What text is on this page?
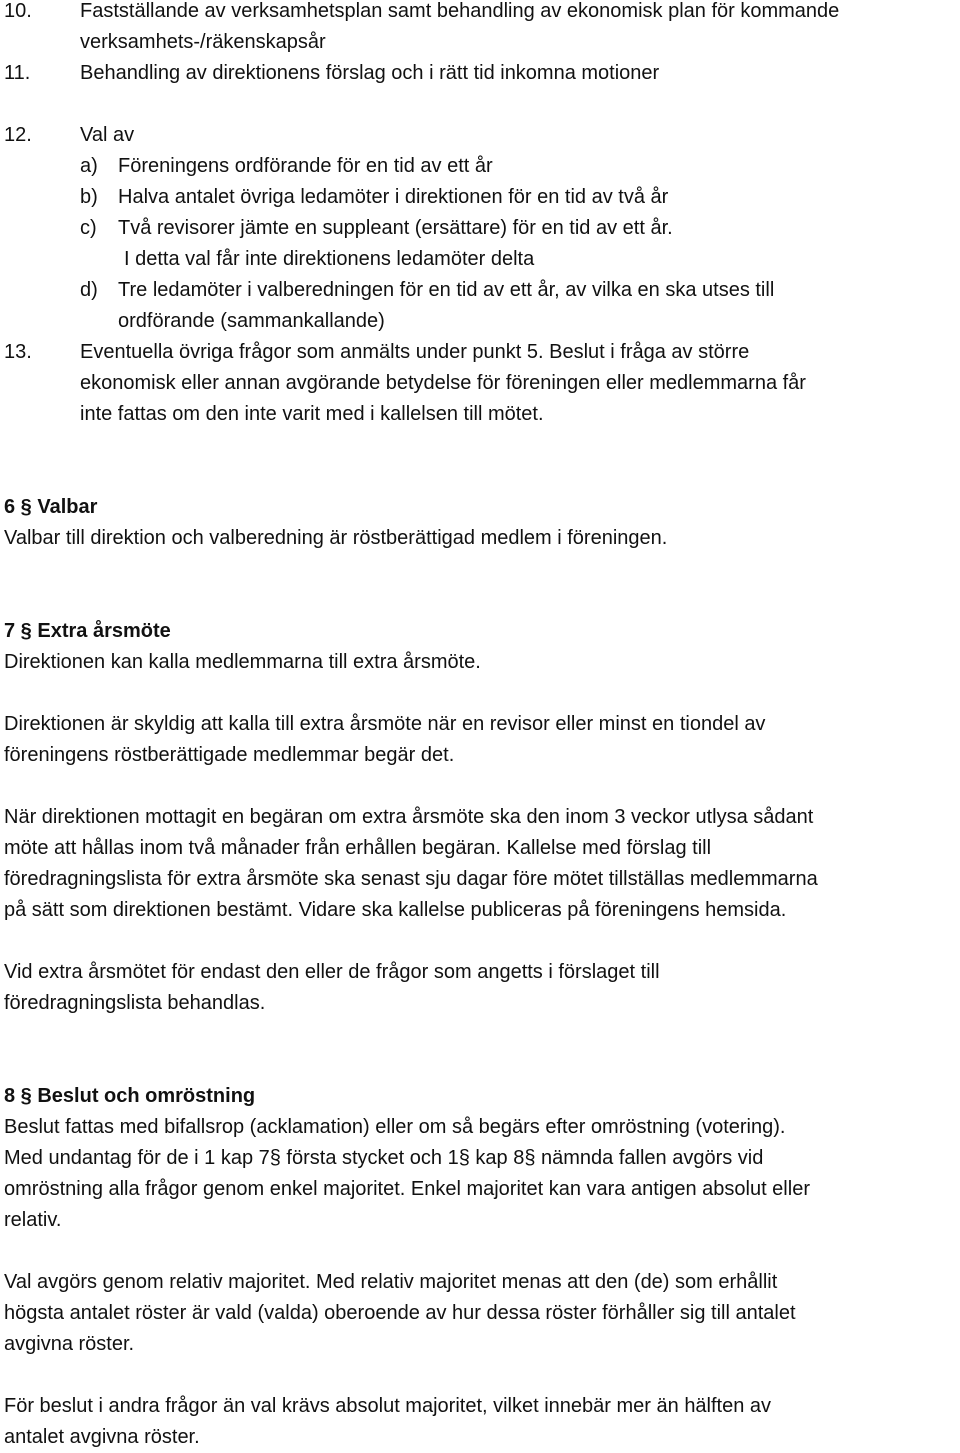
10. Fastställande av verksamhetsplan samt behandling av ekonomisk plan för kommande
verksamhets-/räkenskapsår
11. Behandling av direktionens förslag och i rätt tid inkomna motioner
12. Val av
a) Föreningens ordförande för en tid av ett år
b) Halva antalet övriga ledamöter i direktionen för en tid av två år
c) Två revisorer jämte en suppleant (ersättare) för en tid av ett år.
I detta val får inte direktionens ledamöter delta
d) Tre ledamöter i valberedningen för en tid av ett år, av vilka en ska utses till
ordförande (sammankallande)
13. Eventuella övriga frågor som anmälts under punkt 5. Beslut i fråga av större
ekonomisk eller annan avgörande betydelse för föreningen eller medlemmarna får
inte fattas om den inte varit med i kallelsen till mötet.
6 § Valbar
Valbar till direktion och valberedning är röstberättigad medlem i föreningen.
7 § Extra årsmöte
Direktionen kan kalla medlemmarna till extra årsmöte.
Direktionen är skyldig att kalla till extra årsmöte när en revisor eller minst en tiondel av
föreningens röstberättigade medlemmar begär det.
När direktionen mottagit en begäran om extra årsmöte ska den inom 3 veckor utlysa sådant
möte att hållas inom två månader från erhållen begäran. Kallelse med förslag till
föredragningslista för extra årsmöte ska senast sju dagar före mötet tillställas medlemmarna
på sätt som direktionen bestämt. Vidare ska kallelse publiceras på föreningens hemsida.
Vid extra årsmötet för endast den eller de frågor som angetts i förslaget till
föredragningslista behandlas.
8 § Beslut och omröstning
Beslut fattas med bifallsrop (acklamation) eller om så begärs efter omröstning (votering).
Med undantag för de i 1 kap 7§ första stycket och 1§ kap 8§ nämnda fallen avgörs vid
omröstning alla frågor genom enkel majoritet. Enkel majoritet kan vara antigen absolut eller
relativ.
Val avgörs genom relativ majoritet. Med relativ majoritet menas att den (de) som erhållit
högsta antalet röster är vald (valda) oberoende av hur dessa röster förhåller sig till antalet
avgivna röster.
För beslut i andra frågor än val krävs absolut majoritet, vilket innebär mer än hälften av
antalet avgivna röster.
